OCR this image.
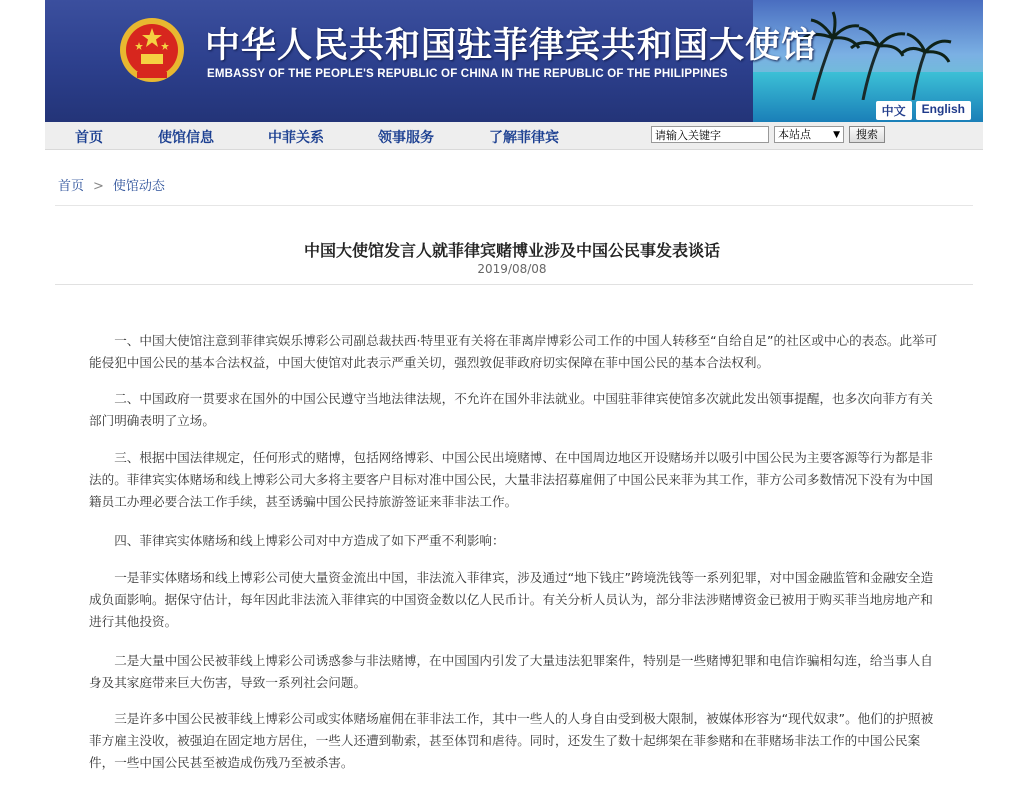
中华人民共和国驻菲律宾共和国大使馆
EMBASSY OF THE PEOPLE'S REPUBLIC OF CHINA IN THE REPUBLIC OF THE PHILIPPINES
中文	English
首页	使馆信息	中菲关系	领事服务	了解菲律宾	请输入关键字	本站点 ▼	搜索
首页 > 使馆动态
中国大使馆发言人就菲律宾赌博业涉及中国公民事发表谈话
2019/08/08

一、中国大使馆注意到菲律宾娱乐博彩公司副总裁扶西·特里亚有关将在菲离岸博彩公司工作的中国人转移至“自给自足”的社区或中心的表态。此举可能侵犯中国公民的基本合法权益，中国大使馆对此表示严重关切，强烈敦促菲政府切实保障在菲中国公民的基本合法权利。

二、中国政府一贯要求在国外的中国公民遵守当地法律法规，不允许在国外非法就业。中国驻菲律宾使馆多次就此发出领事提醒，也多次向菲方有关部门明确表明了立场。

三、根据中国法律规定，任何形式的赌博，包括网络博彩、中国公民出境赌博、在中国周边地区开设赌场并以吸引中国公民为主要客源等行为都是非法的。菲律宾实体赌场和线上博彩公司大多将主要客户目标对准中国公民，大量非法招募雇佣了中国公民来菲为其工作，菲方公司多数情况下没有为中国籍员工办理必要合法工作手续，甚至诱骗中国公民持旅游签证来菲非法工作。

四、菲律宾实体赌场和线上博彩公司对中方造成了如下严重不利影响：

一是菲实体赌场和线上博彩公司使大量资金流出中国，非法流入菲律宾，涉及通过“地下钱庄”跨境洗钱等一系列犯罪，对中国金融监管和金融安全造成负面影响。据保守估计，每年因此非法流入菲律宾的中国资金数以亿人民币计。有关分析人员认为，部分非法涉赌博资金已被用于购买菲当地房地产和进行其他投资。

二是大量中国公民被菲线上博彩公司诱惑参与非法赌博，在中国国内引发了大量违法犯罪案件，特别是一些赌博犯罪和电信诈骗相勾连，给当事人自身及其家庭带来巨大伤害，导致一系列社会问题。

三是许多中国公民被菲线上博彩公司或实体赌场雇佣在菲非法工作，其中一些人的人身自由受到极大限制，被媒体形容为“现代奴隶”。他们的护照被菲方雇主没收，被强迫在固定地方居住，一些人还遭到勒索，甚至体罚和虐待。同时，还发生了数十起绑架在菲参赌和在菲赌场非法工作的中国公民案件，一些中国公民甚至被造成伤残乃至被杀害。
